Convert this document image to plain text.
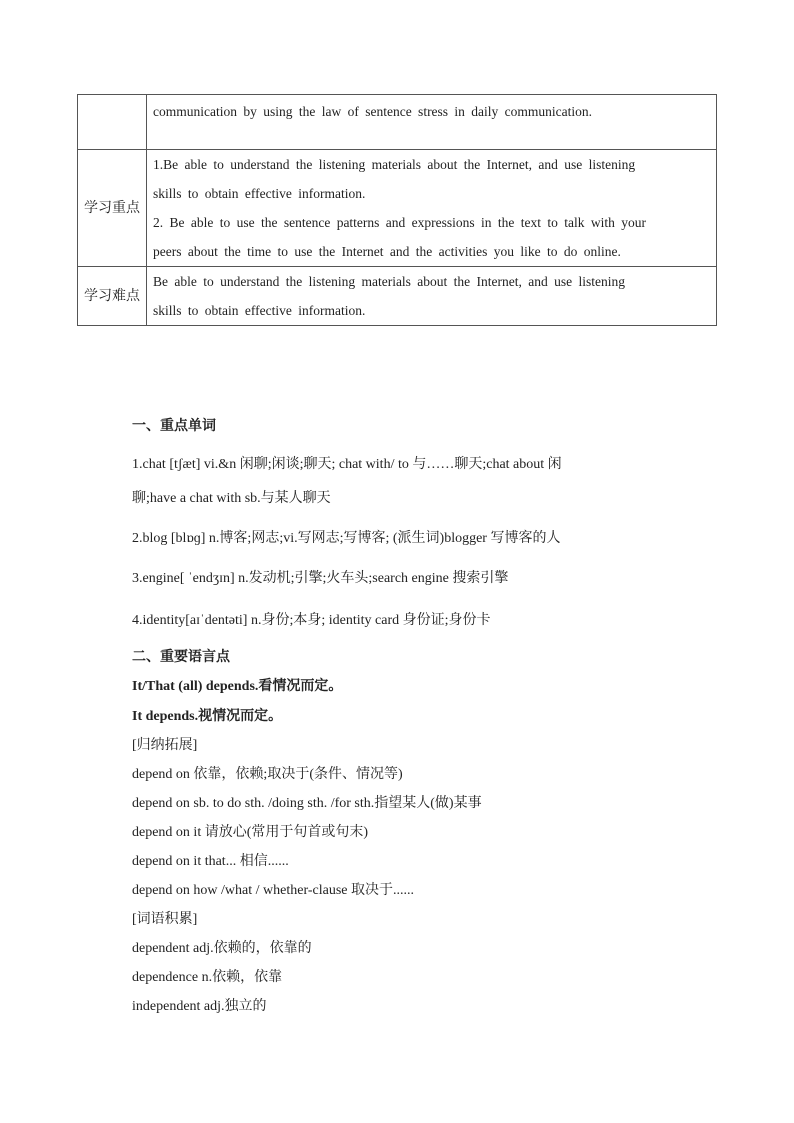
	communication by using the law of sentence stress in daily communication.

学习重点	1.Be able to understand the listening materials about the Internet, and use listening
skills to obtain effective information.
2. Be able to use the sentence patterns and expressions in the text to talk with your
peers about the time to use the Internet and the activities you like to do online.

学习难点	Be able to understand the listening materials about the Internet, and use listening
skills to obtain effective information.

一、重点单词

1.chat [tʃæt] vi.&n 闲聊;闲谈;聊天; chat with/ to 与……聊天;chat about 闲

聊;have a chat with sb.与某人聊天

2.blog [blɒɡ] n.博客;网志;vi.写网志;写博客; (派生词)blogger 写博客的人

3.engine[ ˈendʒɪn] n.发动机;引擎;火车头;search engine 搜索引擎

4.identity[aɪˈdentəti] n.身份;本身; identity card 身份证;身份卡

二、重要语言点

It/That (all) depends.看情况而定。

It depends.视情况而定。

[归纳拓展]

depend on 依靠，依赖;取决于(条件、情况等)

depend on sb. to do sth. /doing sth. /for sth.指望某人(做)某事

depend on it 请放心(常用于句首或句末)

depend on it that... 相信......

depend on how /what / whether-clause 取决于......

[词语积累]

dependent adj.依赖的，依靠的

dependence n.依赖，依靠

independent adj.独立的
